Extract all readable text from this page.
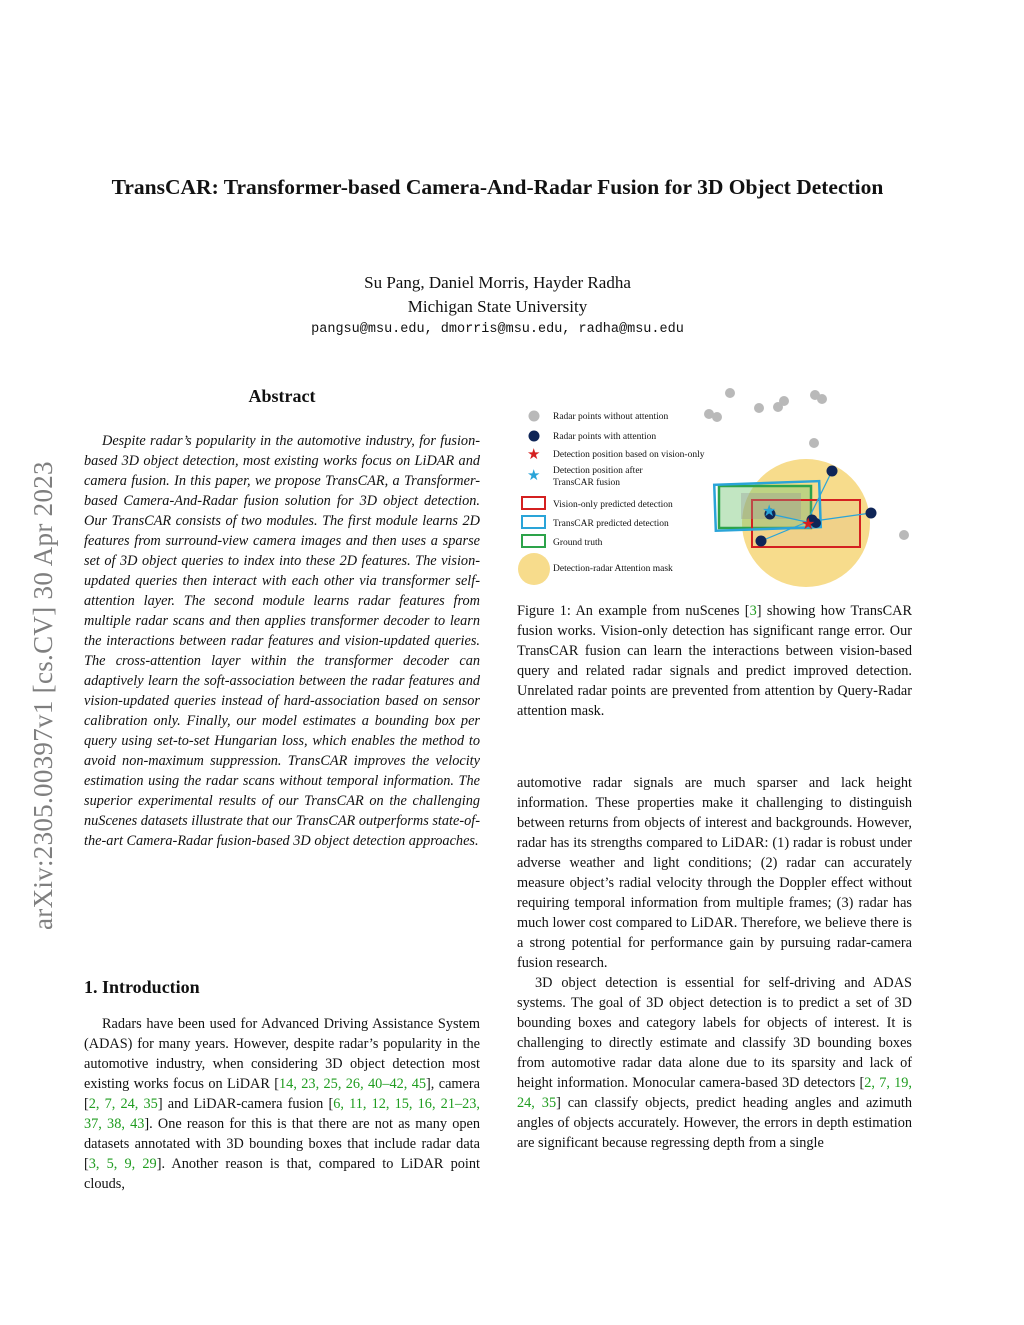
arXiv:2305.00397v1 [cs.CV] 30 Apr 2023
TransCAR: Transformer-based Camera-And-Radar Fusion for 3D Object Detection
Su Pang, Daniel Morris, Hayder Radha
Michigan State University
pangsu@msu.edu, dmorris@msu.edu, radha@msu.edu
Abstract
Despite radar’s popularity in the automotive industry, for fusion-based 3D object detection, most existing works focus on LiDAR and camera fusion. In this paper, we propose TransCAR, a Transformer-based Camera-And-Radar fusion solution for 3D object detection. Our TransCAR consists of two modules. The first module learns 2D features from surround-view camera images and then uses a sparse set of 3D object queries to index into these 2D features. The vision-updated queries then interact with each other via transformer self-attention layer. The second module learns radar features from multiple radar scans and then applies transformer decoder to learn the interactions between radar features and vision-updated queries. The cross-attention layer within the transformer decoder can adaptively learn the soft-association between the radar features and vision-updated queries instead of hard-association based on sensor calibration only. Finally, our model estimates a bounding box per query using set-to-set Hungarian loss, which enables the method to avoid non-maximum suppression. TransCAR improves the velocity estimation using the radar scans without temporal information. The superior experimental results of our TransCAR on the challenging nuScenes datasets illustrate that our TransCAR outperforms state-of-the-art Camera-Radar fusion-based 3D object detection approaches.
1. Introduction
Radars have been used for Advanced Driving Assistance System (ADAS) for many years. However, despite radar’s popularity in the automotive industry, when considering 3D object detection most existing works focus on LiDAR [14, 23, 25, 26, 40–42, 45], camera [2, 7, 24, 35] and LiDAR-camera fusion [6, 11, 12, 15, 16, 21–23, 37, 38, 43]. One reason for this is that there are not as many open datasets annotated with 3D bounding boxes that include radar data [3, 5, 9, 29]. Another reason is that, compared to LiDAR point clouds,
★
★
Radar points without attention
Radar points with attention
★ Detection position based on vision-only
★ Detection position after
TransCAR fusion
Vision-only predicted detection
TransCAR predicted detection
Ground truth
Detection-radar Attention mask
Figure 1: An example from nuScenes [3] showing how TransCAR fusion works. Vision-only detection has significant range error. Our TransCAR fusion can learn the interactions between vision-based query and related radar signals and predict improved detection. Unrelated radar points are prevented from attention by Query-Radar attention mask.

automotive radar signals are much sparser and lack height information. These properties make it challenging to distinguish between returns from objects of interest and backgrounds. However, radar has its strengths compared to LiDAR: (1) radar is robust under adverse weather and light conditions; (2) radar can accurately measure object’s radial velocity through the Doppler effect without requiring temporal information from multiple frames; (3) radar has much lower cost compared to LiDAR. Therefore, we believe there is a strong potential for performance gain by pursuing radar-camera fusion research.

3D object detection is essential for self-driving and ADAS systems. The goal of 3D object detection is to predict a set of 3D bounding boxes and category labels for objects of interest. It is challenging to directly estimate and classify 3D bounding boxes from automotive radar data alone due to its sparsity and lack of height information. Monocular camera-based 3D detectors [2, 7, 19, 24, 35] can classify objects, predict heading angles and azimuth angles of objects accurately. However, the errors in depth estimation are significant because regressing depth from a single
